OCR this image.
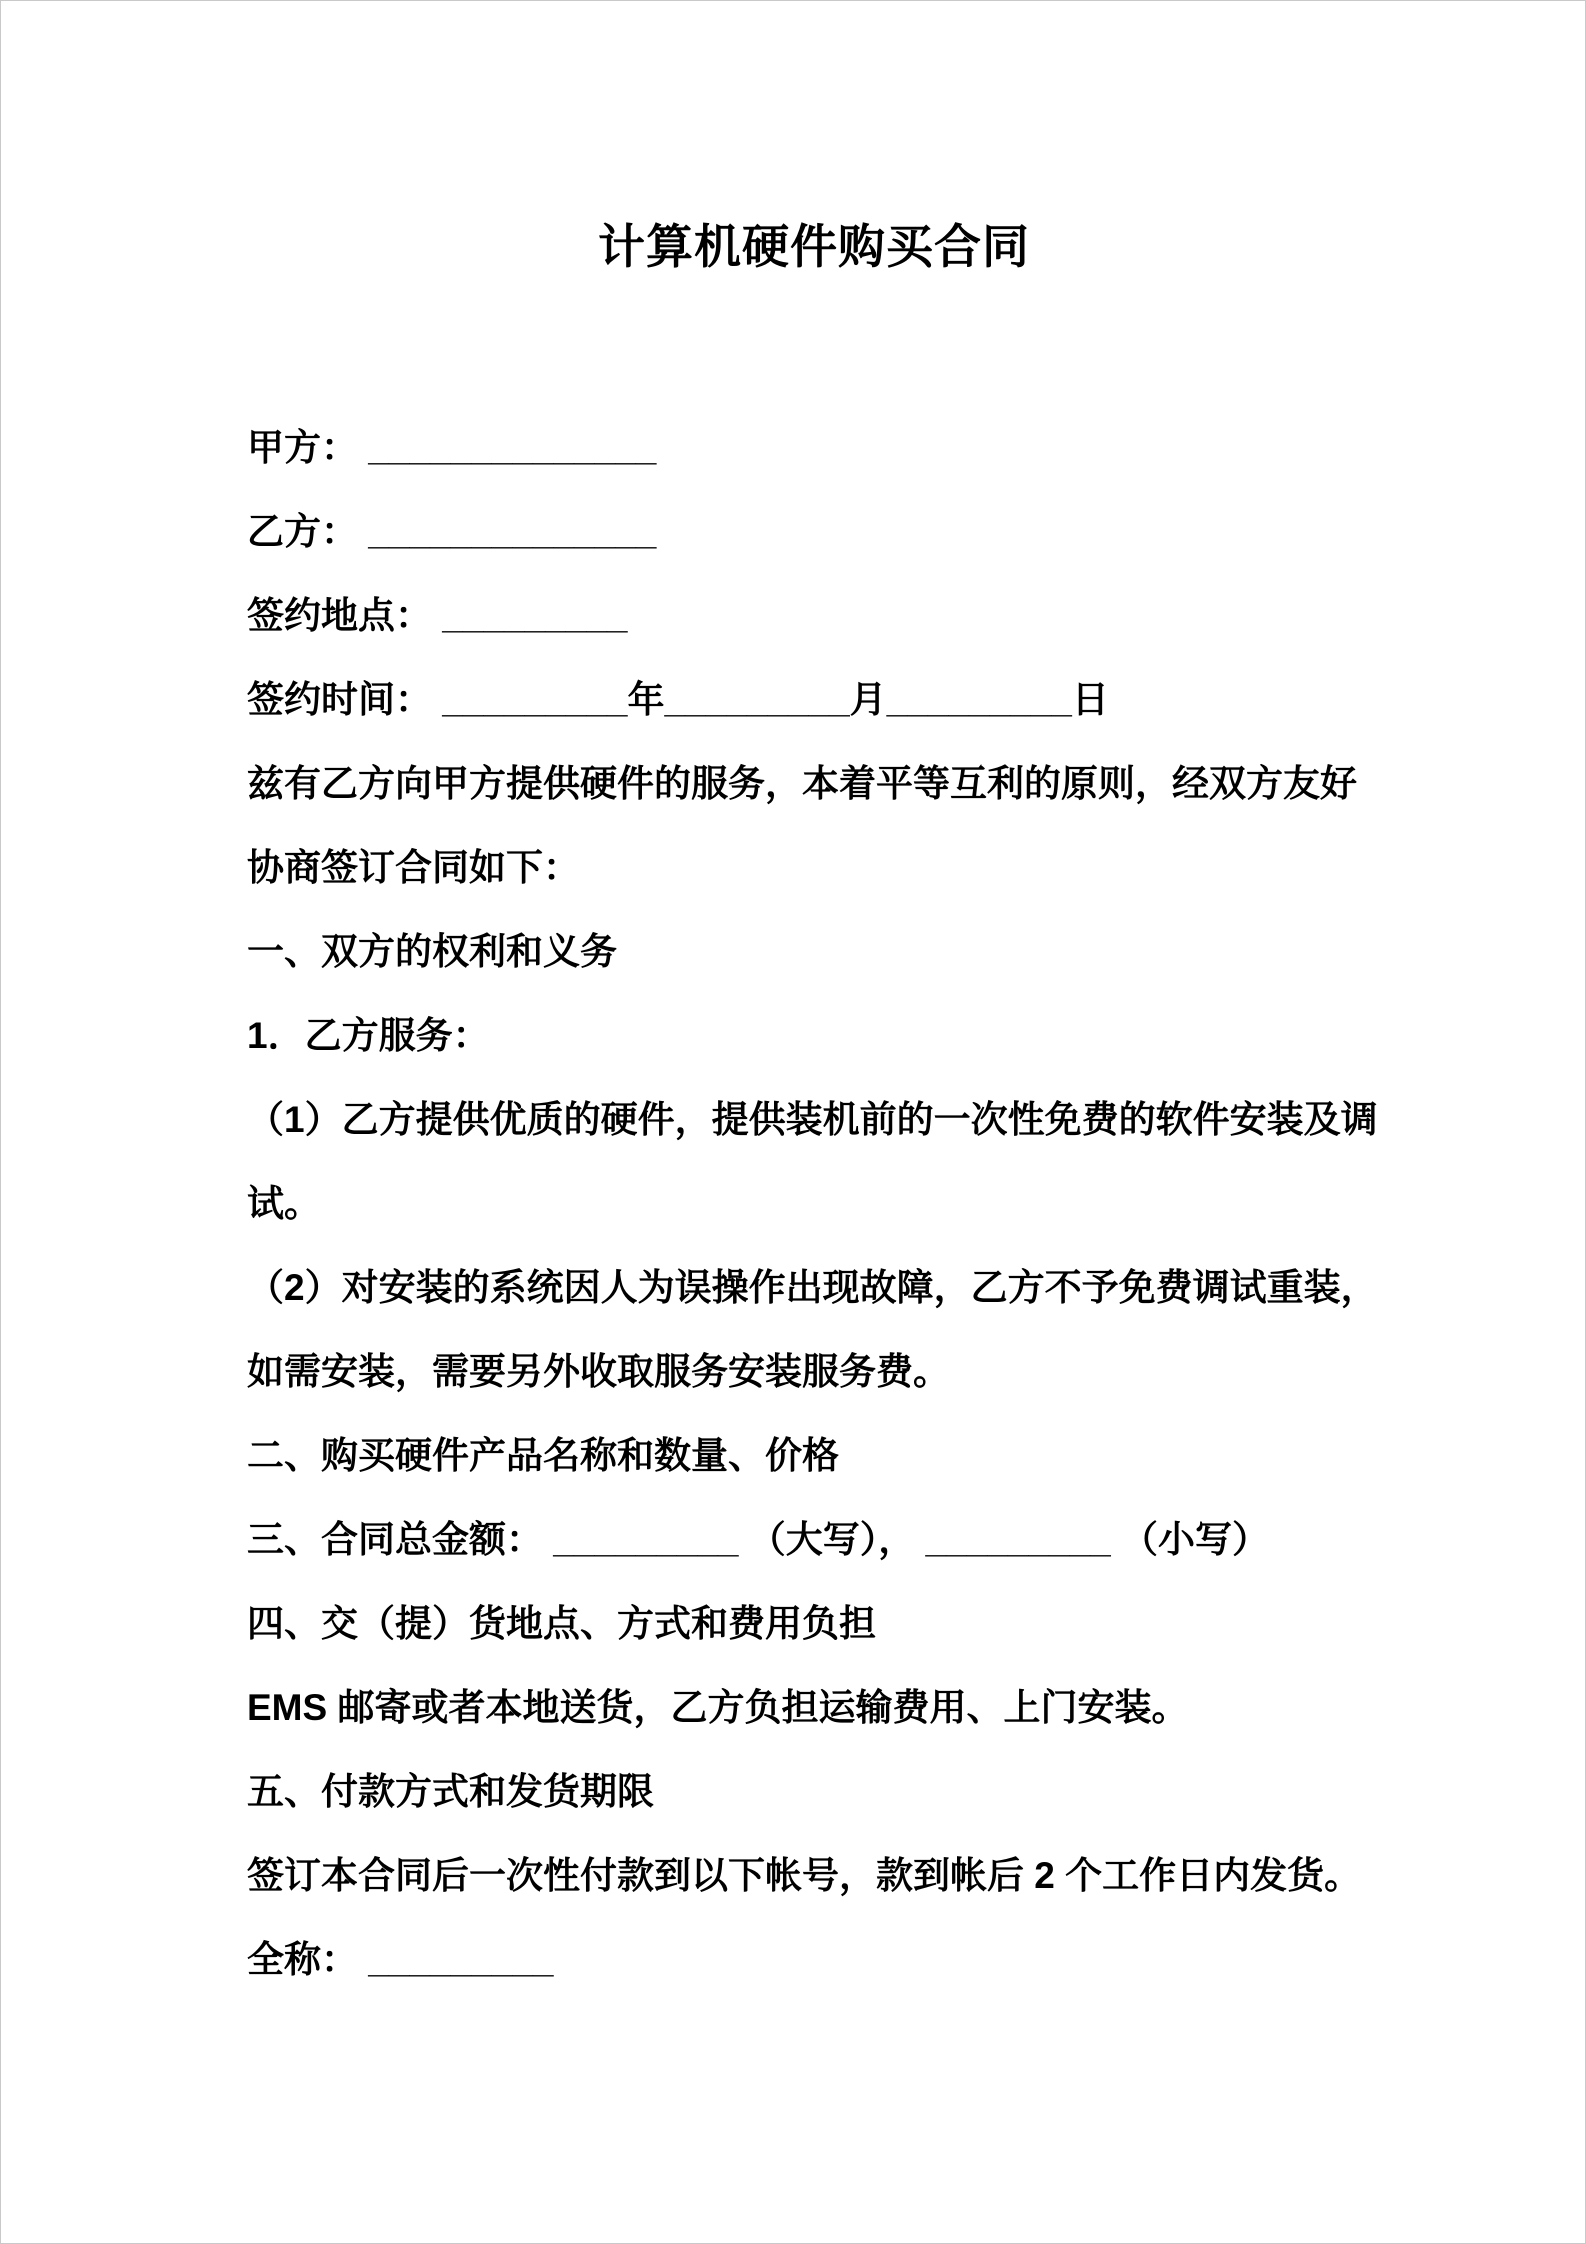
计算机硬件购买合同

甲方： ______________

乙方： ______________

签约地点： _________

签约时间： _________年_________月_________日

兹有乙方向甲方提供硬件的服务，本着平等互利的原则，经双方友好协商签订合同如下：

一、双方的权利和义务

1．乙方服务：

（1）乙方提供优质的硬件，提供装机前的一次性免费的软件安装及调试。

（2）对安装的系统因人为误操作出现故障，乙方不予免费调试重装，如需安装，需要另外收取服务安装服务费。

二、购买硬件产品名称和数量、价格

三、合同总金额： _________ （大写）， _________ （小写）

四、交（提）货地点、方式和费用负担

EMS 邮寄或者本地送货，乙方负担运输费用、上门安装。

五、付款方式和发货期限

签订本合同后一次性付款到以下帐号，款到帐后 2 个工作日内发货。

全称： _________
